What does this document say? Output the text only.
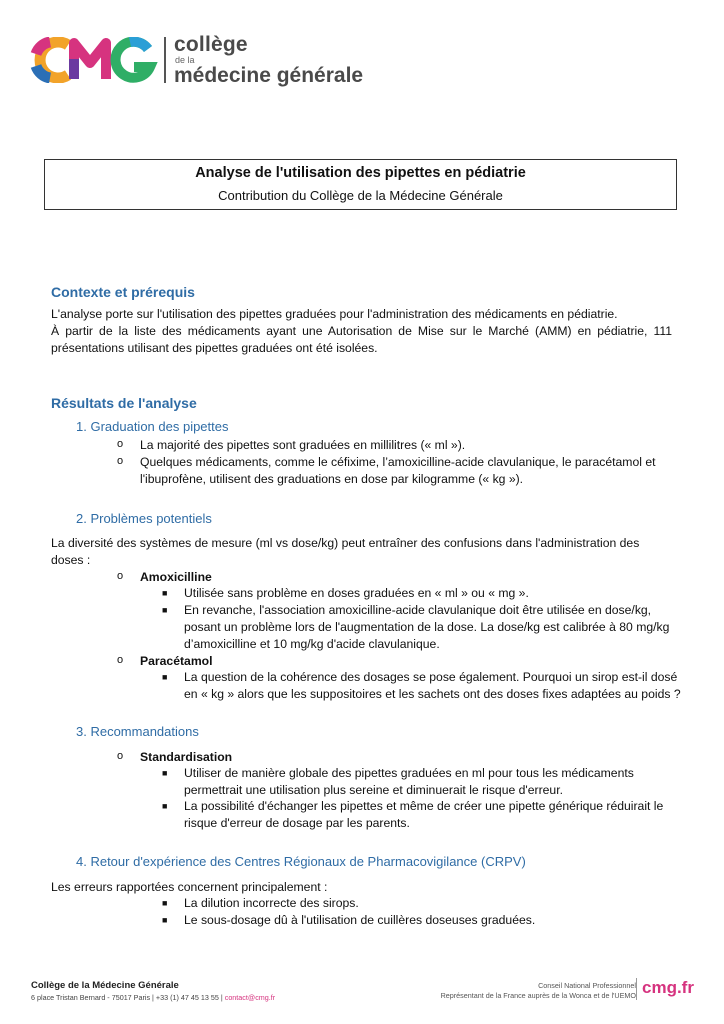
collège
de la
médecine générale
Analyse de l'utilisation des pipettes en pédiatrie
Contribution du Collège de la Médecine Générale
Contexte et prérequis
L'analyse porte sur l'utilisation des pipettes graduées pour l'administration des médicaments en pédiatrie.
À partir de la liste des médicaments ayant une Autorisation de Mise sur le Marché (AMM) en pédiatrie, 111
présentations utilisant des pipettes graduées ont été isolées.
Résultats de l'analyse
1. Graduation des pipettes
o La majorité des pipettes sont graduées en millilitres (« ml »).
o Quelques médicaments, comme le céfixime, l’amoxicilline-acide clavulanique, le paracétamol et
l'ibuprofène, utilisent des graduations en dose par kilogramme (« kg »).
2. Problèmes potentiels
La diversité des systèmes de mesure (ml vs dose/kg) peut entraîner des confusions dans l'administration des
doses :
o Amoxicilline
■ Utilisée sans problème en doses graduées en « ml » ou « mg ».
■ En revanche, l'association amoxicilline-acide clavulanique doit être utilisée en dose/kg,
posant un problème lors de l'augmentation de la dose. La dose/kg est calibrée à 80 mg/kg
d’amoxicilline et 10 mg/kg d'acide clavulanique.
o Paracétamol
■ La question de la cohérence des dosages se pose également. Pourquoi un sirop est-il dosé
en « kg » alors que les suppositoires et les sachets ont des doses fixes adaptées au poids ?
3. Recommandations
o Standardisation
■ Utiliser de manière globale des pipettes graduées en ml pour tous les médicaments
permettrait une utilisation plus sereine et diminuerait le risque d'erreur.
■ La possibilité d'échanger les pipettes et même de créer une pipette générique réduirait le
risque d'erreur de dosage par les parents.
4. Retour d'expérience des Centres Régionaux de Pharmacovigilance (CRPV)
Les erreurs rapportées concernent principalement :
■ La dilution incorrecte des sirops.
■ Le sous-dosage dû à l'utilisation de cuillères doseuses graduées.
Collège de la Médecine Générale
6 place Tristan Bernard - 75017 Paris | +33 (1) 47 45 13 55 | contact@cmg.fr
Conseil National Professionnel
Représentant de la France auprès de la Wonca et de l'UEMO cmg.fr
